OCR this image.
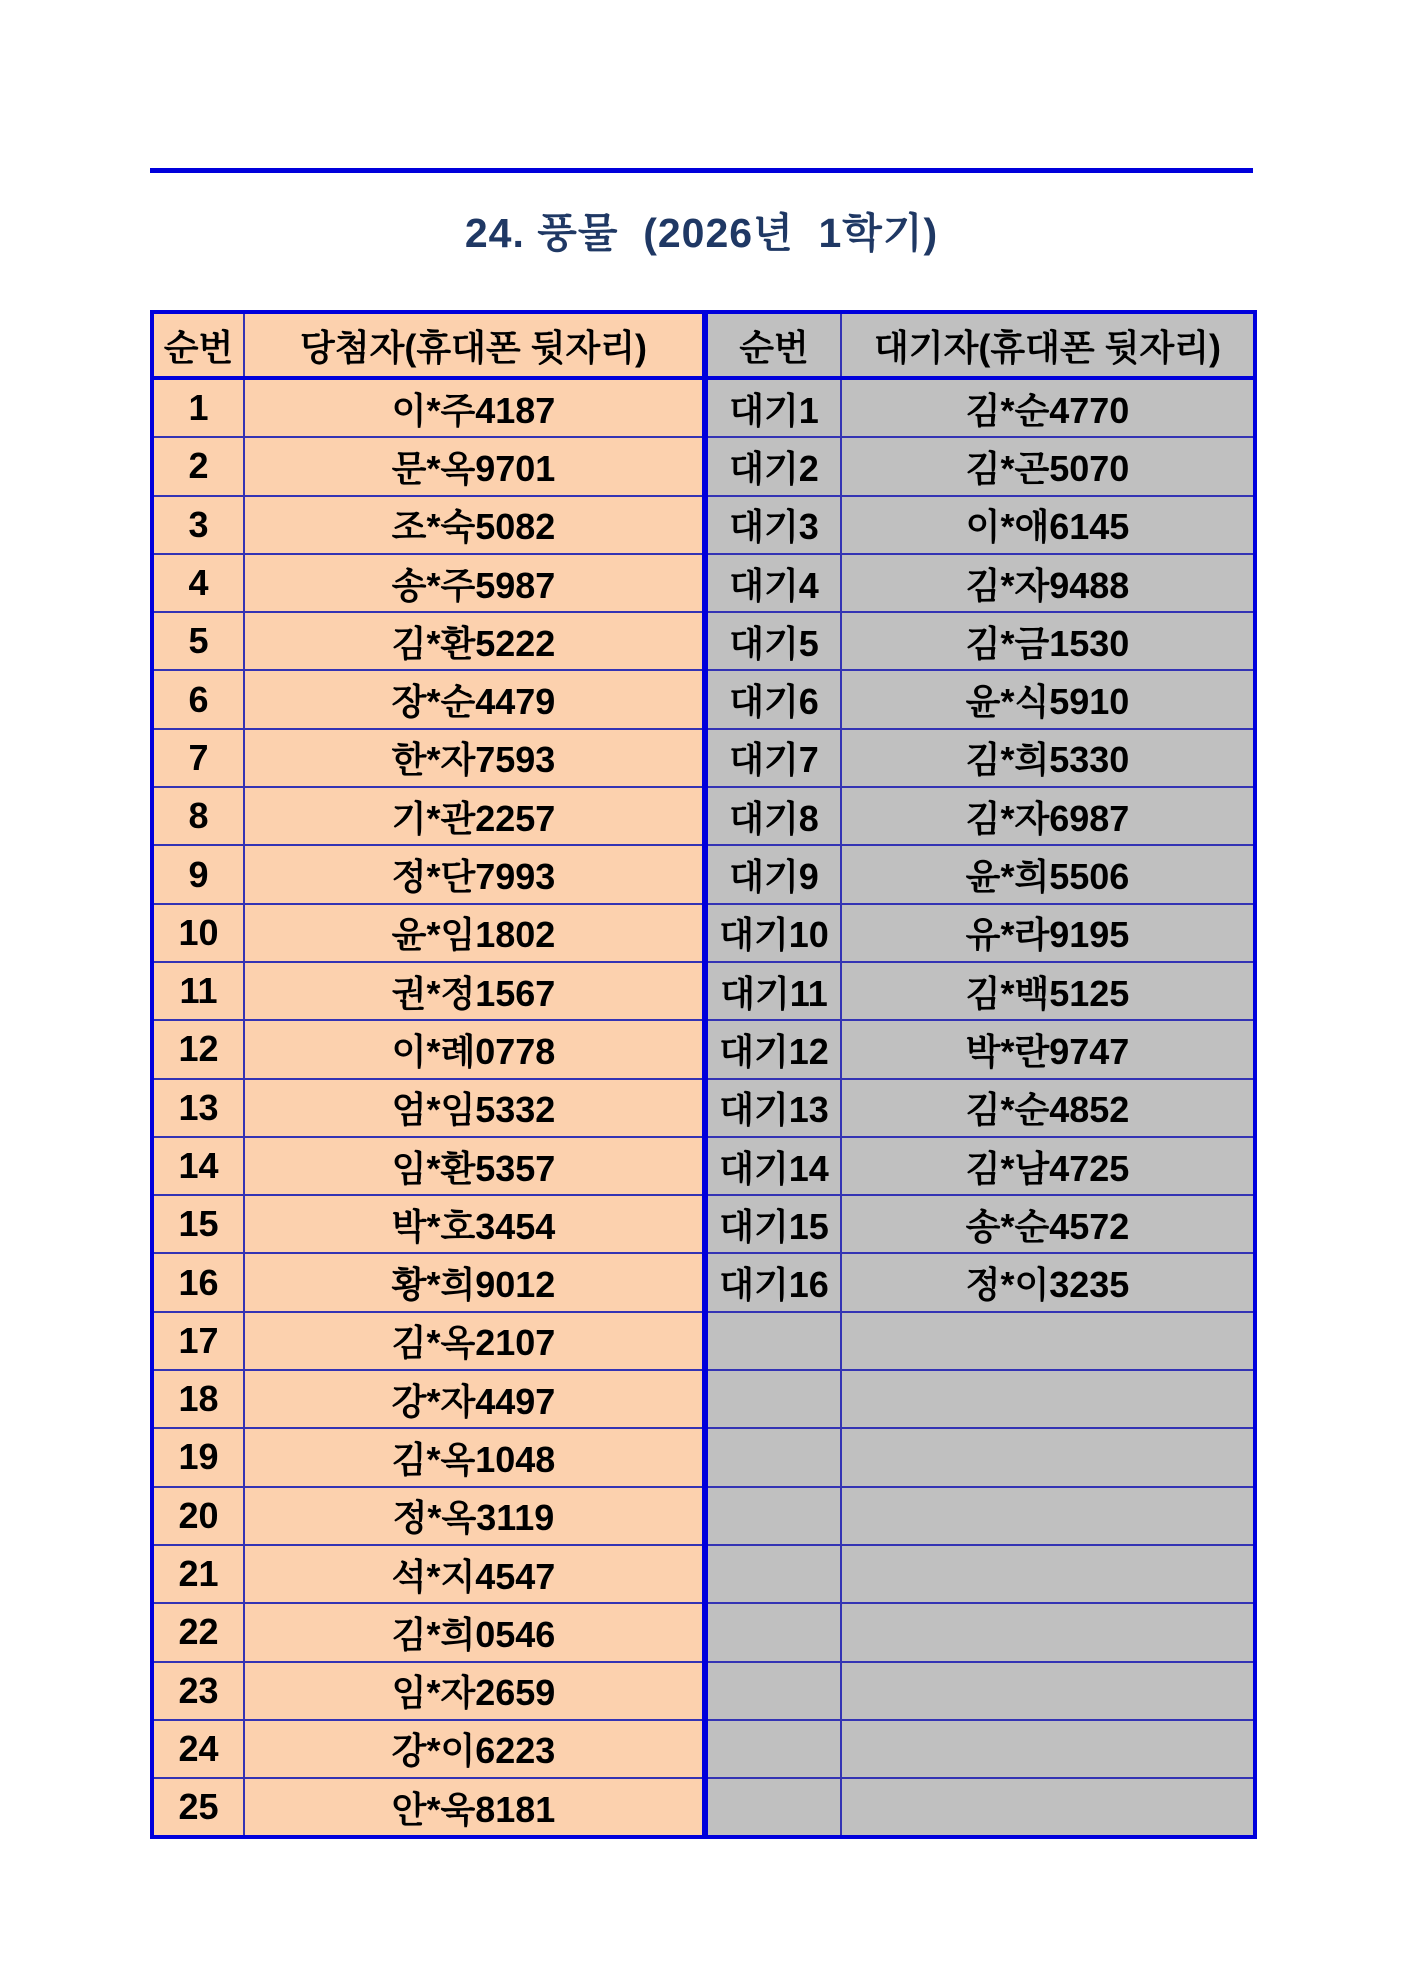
24. 풍물  (2026년  1학기)
순번	당첨자(휴대폰 뒷자리)	순번	대기자(휴대폰 뒷자리)
1	이*주4187	대기1	김*순4770
2	문*옥9701	대기2	김*곤5070
3	조*숙5082	대기3	이*애6145
4	송*주5987	대기4	김*자9488
5	김*환5222	대기5	김*금1530
6	장*순4479	대기6	윤*식5910
7	한*자7593	대기7	김*희5330
8	기*관2257	대기8	김*자6987
9	정*단7993	대기9	윤*희5506
10	윤*임1802	대기10	유*라9195
11	권*정1567	대기11	김*백5125
12	이*례0778	대기12	박*란9747
13	엄*임5332	대기13	김*순4852
14	임*환5357	대기14	김*남4725
15	박*호3454	대기15	송*순4572
16	황*희9012	대기16	정*이3235
17	김*옥2107		
18	강*자4497		
19	김*옥1048		
20	정*옥3119		
21	석*지4547		
22	김*희0546		
23	임*자2659		
24	강*이6223		
25	안*욱8181		
